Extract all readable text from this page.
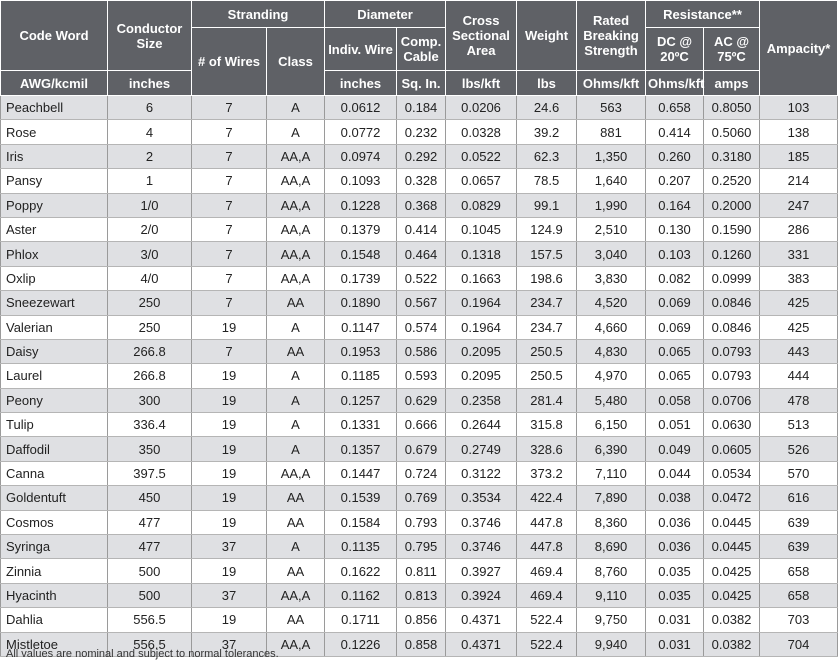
Code Word	Conductor Size	Stranding		Diameter		Cross Sectional Area	Weight	Rated Breaking Strength	Resistance**		Ampacity*
		# of Wires	Class	Indiv. Wire	Comp. Cable				DC @ 20ºC	AC @ 75ºC	
AWG/kcmil	inches			inches	Sq. In.	lbs/kft	lbs	Ohms/kft	Ohms/kft	amps	
Peachbell	6	7	A	0.0612	0.184	0.0206	24.6	563	0.658	0.8050	103
Rose	4	7	A	0.0772	0.232	0.0328	39.2	881	0.414	0.5060	138
Iris	2	7	AA,A	0.0974	0.292	0.0522	62.3	1,350	0.260	0.3180	185
Pansy	1	7	AA,A	0.1093	0.328	0.0657	78.5	1,640	0.207	0.2520	214
Poppy	1/0	7	AA,A	0.1228	0.368	0.0829	99.1	1,990	0.164	0.2000	247
Aster	2/0	7	AA,A	0.1379	0.414	0.1045	124.9	2,510	0.130	0.1590	286
Phlox	3/0	7	AA,A	0.1548	0.464	0.1318	157.5	3,040	0.103	0.1260	331
Oxlip	4/0	7	AA,A	0.1739	0.522	0.1663	198.6	3,830	0.082	0.0999	383
Sneezewart	250	7	AA	0.1890	0.567	0.1964	234.7	4,520	0.069	0.0846	425
Valerian	250	19	A	0.1147	0.574	0.1964	234.7	4,660	0.069	0.0846	425
Daisy	266.8	7	AA	0.1953	0.586	0.2095	250.5	4,830	0.065	0.0793	443
Laurel	266.8	19	A	0.1185	0.593	0.2095	250.5	4,970	0.065	0.0793	444
Peony	300	19	A	0.1257	0.629	0.2358	281.4	5,480	0.058	0.0706	478
Tulip	336.4	19	A	0.1331	0.666	0.2644	315.8	6,150	0.051	0.0630	513
Daffodil	350	19	A	0.1357	0.679	0.2749	328.6	6,390	0.049	0.0605	526
Canna	397.5	19	AA,A	0.1447	0.724	0.3122	373.2	7,110	0.044	0.0534	570
Goldentuft	450	19	AA	0.1539	0.769	0.3534	422.4	7,890	0.038	0.0472	616
Cosmos	477	19	AA	0.1584	0.793	0.3746	447.8	8,360	0.036	0.0445	639
Syringa	477	37	A	0.1135	0.795	0.3746	447.8	8,690	0.036	0.0445	639
Zinnia	500	19	AA	0.1622	0.811	0.3927	469.4	8,760	0.035	0.0425	658
Hyacinth	500	37	AA,A	0.1162	0.813	0.3924	469.4	9,110	0.035	0.0425	658
Dahlia	556.5	19	AA	0.1711	0.856	0.4371	522.4	9,750	0.031	0.0382	703
Mistletoe	556.5	37	AA,A	0.1226	0.858	0.4371	522.4	9,940	0.031	0.0382	704
All values are nominal and subject to normal tolerances.
